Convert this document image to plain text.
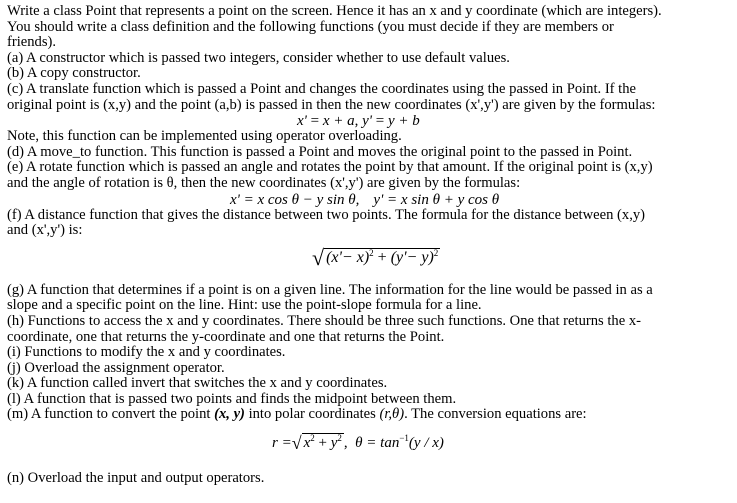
Write a class Point that represents a point on the screen. Hence it has an x and y coordinate (which are integers).
You should write a class definition and the following functions (you must decide if they are members or
friends).
(a) A constructor which is passed two integers, consider whether to use default values.
(b) A copy constructor.
(c) A translate function which is passed a Point and changes the coordinates using the passed in Point. If the
original point is (x,y) and the point (a,b) is passed in then the new coordinates (x',y') are given by the formulas:
x' = x + a, y' = y + b
Note, this function can be implemented using operator overloading.
(d) A move_to function. This function is passed a Point and moves the original point to the passed in Point.
(e) A rotate function which is passed an angle and rotates the point by that amount. If the original point is (x,y)
and the angle of rotation is θ, then the new coordinates (x',y') are given by the formulas:
x' = x cos θ − y sin θ, y' = x sin θ + y cos θ
(f) A distance function that gives the distance between two points. The formula for the distance between (x,y)
and (x',y') is:
√ $(x'- x)^2 + (y'- y)^2$
(g) A function that determines if a point is on a given line. The information for the line would be passed in as a
slope and a specific point on the line. Hint: use the point-slope formula for a line.
(h) Functions to access the x and y coordinates. There should be three such functions. One that returns the x-
coordinate, one that returns the y-coordinate and one that returns the Point.
(i) Functions to modify the x and y coordinates.
(j) Overload the assignment operator.
(k) A function called invert that switches the x and y coordinates.
(l) A function that is passed two points and finds the midpoint between them.
(m) A function to convert the point (x, y) into polar coordinates (r,θ). The conversion equations are:
r =√ $x^2 + y^2$ ,  $\theta = \tan^{-1}(y / x)$
(n) Overload the input and output operators.
